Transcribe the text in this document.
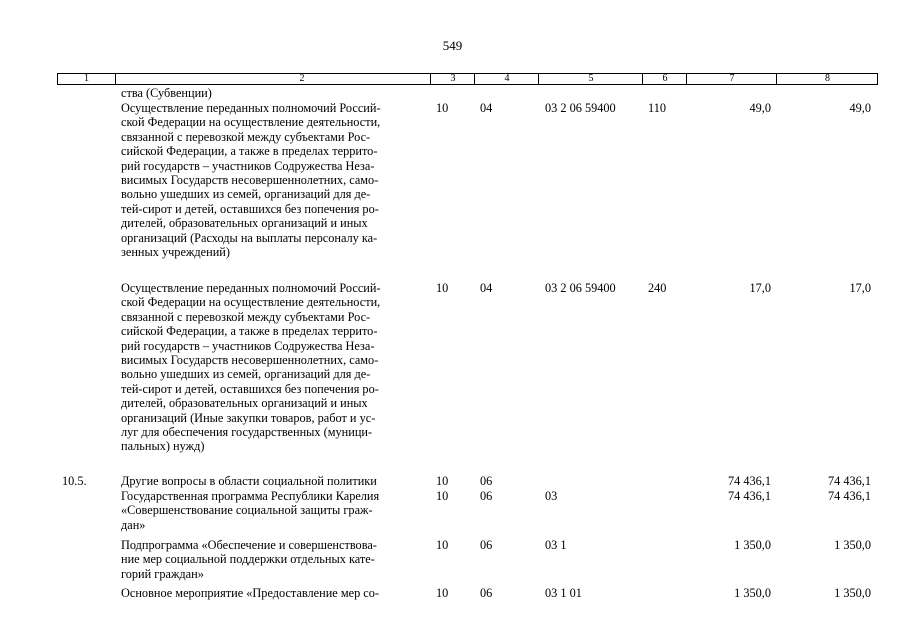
549
1	2	3	4	5	6	7	8
ства (Субвенции)
Осуществление переданных полномочий Россий-
ской Федерации на осуществление деятельности,
связанной с перевозкой между субъектами Рос-
сийской Федерации, а также в пределах террито-
рий государств – участников Содружества Неза-
висимых Государств несовершеннолетних, само-
вольно ушедших из семей, организаций для де-
тей-сирот и детей, оставшихся без попечения ро-
дителей, образовательных организаций и иных
организаций (Расходы на выплаты персоналу ка-
зенных учреждений)
10	04	03 2 06 59400	110	49,0	49,0
Осуществление переданных полномочий Россий-
ской Федерации на осуществление деятельности,
связанной с перевозкой между субъектами Рос-
сийской Федерации, а также в пределах террито-
рий государств – участников Содружества Неза-
висимых Государств несовершеннолетних, само-
вольно ушедших из семей, организаций для де-
тей-сирот и детей, оставшихся без попечения ро-
дителей, образовательных организаций и иных
организаций (Иные закупки товаров, работ и ус-
луг для обеспечения государственных (муници-
пальных) нужд)
10	04	03 2 06 59400	240	17,0	17,0
10.5.	Другие вопросы в области социальной политики	10	06	74 436,1	74 436,1
Государственная программа Республики Карелия
«Совершенствование социальной защиты граж-
дан»
10	06	03	74 436,1	74 436,1
Подпрограмма «Обеспечение и совершенствова-
ние мер социальной поддержки отдельных кате-
горий граждан»
10	06	03 1	1 350,0	1 350,0
Основное мероприятие «Предоставление мер со-	10	06	03 1 01	1 350,0	1 350,0
